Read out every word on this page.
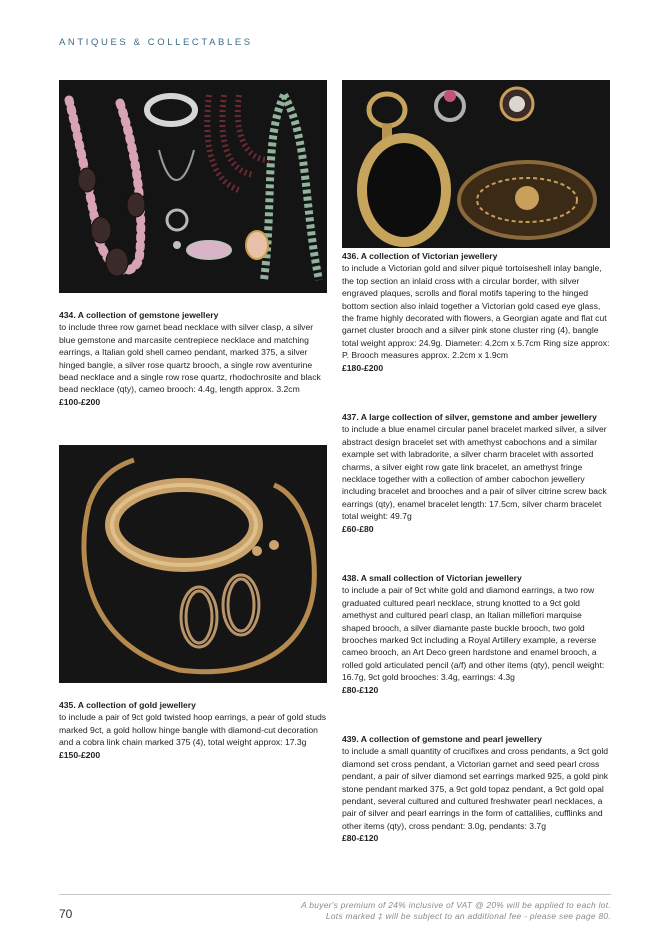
ANTIQUES & COLLECTABLES
434. A collection of gemstone jewellery
to include three row garnet bead necklace with silver clasp, a silver blue gemstone and marcasite centrepiece necklace and matching earrings, a Italian gold shell cameo pendant, marked 375, a silver hinged bangle, a silver rose quartz brooch, a single row aventurine bead necklace and a single row rose quartz, rhodochrosite and black bead necklace (qty), cameo brooch: 4.4g, length approx. 3.2cm
£100-£200
435. A collection of gold jewellery
to include a pair of 9ct gold twisted hoop earrings, a pear of gold studs marked 9ct, a gold hollow hinge bangle with diamond-cut decoration and a cobra link chain marked 375 (4), total weight approx: 17.3g
£150-£200
436. A collection of Victorian jewellery
to include a Victorian gold and silver piqué tortoiseshell inlay bangle, the top section an inlaid cross with a circular border, with silver engraved plaques, scrolls and floral motifs tapering to the hinged bottom section also inlaid together a Victorian gold cased eye glass, the frame highly decorated with flowers, a Georgian agate and flat cut garnet cluster brooch and a silver pink stone cluster ring (4), bangle total weight approx: 24.9g. Diameter: 4.2cm x 5.7cm Ring size approx: P. Brooch measures approx. 2.2cm x 1.9cm
£180-£200
437. A large collection of silver, gemstone and amber jewellery
to include a blue enamel circular panel bracelet marked silver, a silver abstract design bracelet set with amethyst cabochons and a similar example set with labradorite, a silver charm bracelet with assorted charms, a silver eight row gate link bracelet, an amethyst fringe necklace together with a collection of amber cabochon jewellery including bracelet and brooches and a pair of silver citrine screw back earrings (qty), enamel bracelet length: 17.5cm, silver charm bracelet total weight: 49.7g
£60-£80
438. A small collection of Victorian jewellery
to include a pair of 9ct white gold and diamond earrings, a two row graduated cultured pearl necklace, strung knotted to a 9ct gold amethyst and cultured pearl clasp, an Italian millefiori marquise shaped brooch, a silver diamante paste buckle brooch, two gold brooches marked 9ct including a Royal Artillery example, a reverse cameo brooch, an Art Deco green hardstone and enamel brooch, a rolled gold articulated pencil (a/f) and other items (qty), pencil weight: 16.7g, 9ct gold brooches: 3.4g, earrings: 4.3g
£80-£120
439. A collection of gemstone and pearl jewellery
to include a small quantity of crucifixes and cross pendants, a 9ct gold diamond set cross pendant, a Victorian garnet and seed pearl cross pendant, a pair of silver diamond set earrings marked 925, a gold pink stone pendant marked 375, a 9ct gold topaz pendant, a 9ct gold opal pendant, several cultured and cultured freshwater pearl necklaces, a pair of silver and pearl earrings in the form of cattalilies, cufflinks and other items (qty), cross pendant: 3.0g, pendants: 3.7g
£80-£120
70
A buyer's premium of 24% inclusive of VAT @ 20% will be applied to each lot.
Lots marked ‡ will be subject to an additional fee - please see page 80.
